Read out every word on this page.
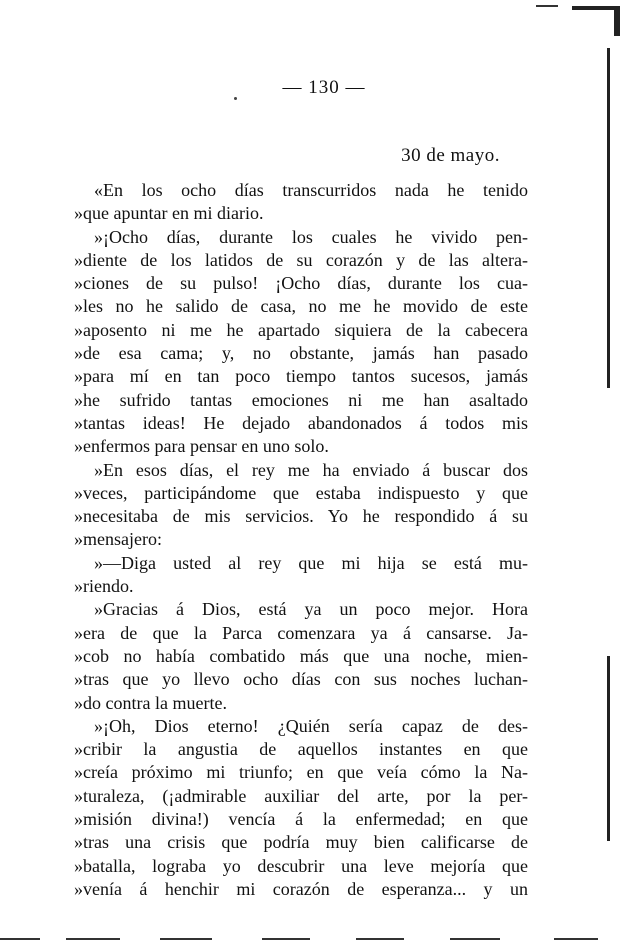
— 130 —
30 de mayo.
«En los ocho días transcurridos nada he tenido
»que apuntar en mi diario.
»¡Ocho días, durante los cuales he vivido pen-
»diente de los latidos de su corazón y de las altera-
»ciones de su pulso! ¡Ocho días, durante los cua-
»les no he salido de casa, no me he movido de este
»aposento ni me he apartado siquiera de la cabecera
»de esa cama; y, no obstante, jamás han pasado
»para mí en tan poco tiempo tantos sucesos, jamás
»he sufrido tantas emociones ni me han asaltado
»tantas ideas! He dejado abandonados á todos mis
»enfermos para pensar en uno solo.
»En esos días, el rey me ha enviado á buscar dos
»veces, participándome que estaba indispuesto y que
»necesitaba de mis servicios. Yo he respondido á su
»mensajero:
»—Diga usted al rey que mi hija se está mu-
»riendo.
»Gracias á Dios, está ya un poco mejor. Hora
»era de que la Parca comenzara ya á cansarse. Ja-
»cob no había combatido más que una noche, mien-
»tras que yo llevo ocho días con sus noches luchan-
»do contra la muerte.
»¡Oh, Dios eterno! ¿Quién sería capaz de des-
»cribir la angustia de aquellos instantes en que
»creía próximo mi triunfo; en que veía cómo la Na-
»turaleza, (¡admirable auxiliar del arte, por la per-
»misión divina!) vencía á la enfermedad; en que
»tras una crisis que podría muy bien calificarse de
»batalla, lograba yo descubrir una leve mejoría que
»venía á henchir mi corazón de esperanza... y un
